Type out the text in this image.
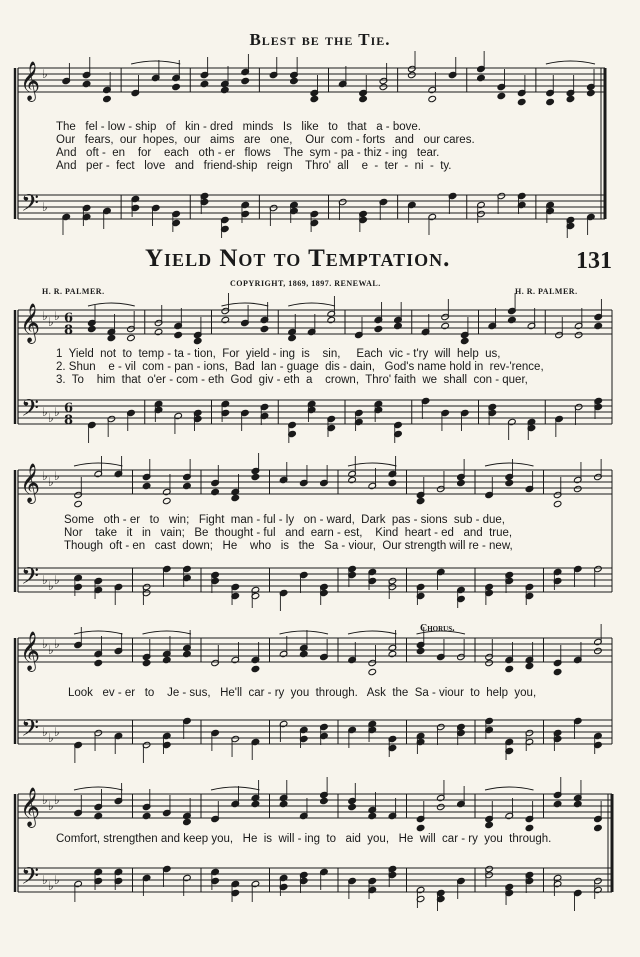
Blest be the Tie.
Yield Not to Temptation.	131
H. R. PALMER.
COPYRIGHT, 1869, 1897. RENEWAL.
H. R. PALMER.
Chorus.
𝄞
𝄢
♭
♭
𝄞
𝄢
♭
♭
♭
♭
♭
♭
6
8
6
8
𝄞
𝄢
♭
♭
♭
♭
♭
♭
𝄞
𝄢
♭
♭
♭
♭
♭
♭
𝄞
𝄢
♭
♭
♭
♭
♭
♭
The   fel - low - ship   of   kin - dred   minds   Is   like   to   that   a - bove.
Our   fears,  our  hopes,  our   aims   are   one,    Our  com - forts   and   our cares.
And   oft -  en    for    each   oth - er   flows    The  sym - pa - thiz - ing   tear.
And   per -  fect   love   and   friend-ship   reign    Thro'  all    e  -  ter  -  ni  -  ty.
1  Yield  not  to  temp - ta - tion,  For  yield - ing  is    sin,     Each  vic - t'ry  will  help  us,
2. Shun    e - vil  com - pan - ions,  Bad  lan - guage  dis - dain,   God's name hold in  rev-'rence,
3.  To    him  that  o'er - com - eth  God  giv - eth  a    crown,  Thro' faith  we  shall  con - quer,
Some   oth - er   to   win;   Fight  man - ful - ly   on - ward,  Dark  pas - sions  sub - due,
Nor    take   it   in   vain;   Be  thought - ful   and  earn - est,    Kind  heart - ed   and  true,
Though  oft - en   cast  down;   He    who   is   the   Sa - viour,  Our strength will re - new,
Look   ev - er   to    Je - sus,   He'll  car - ry  you  through.   Ask  the  Sa - viour  to  help  you,
Comfort, strengthen and keep you,   He  is  will - ing  to   aid  you,   He  will  car - ry  you  through.
